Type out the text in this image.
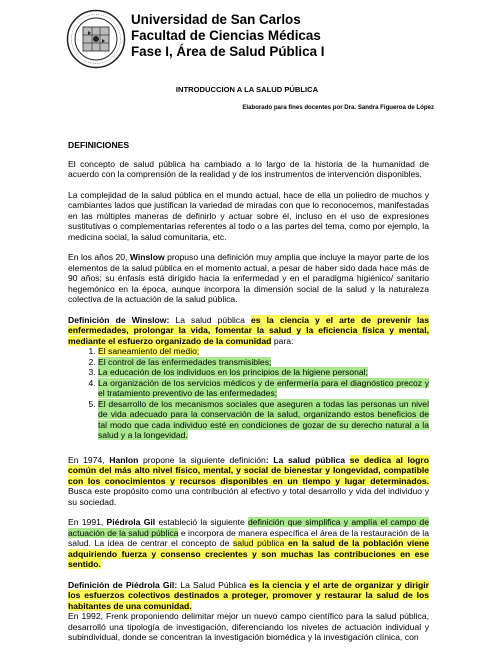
Universidad de San Carlos
Facultad de Ciencias Médicas
Fase I, Área de Salud Pública I
INTRODUCCION A LA SALUD PÚBLICA
Elaborado para fines docentes por Dra. Sandra Figueroa de López
DEFINICIONES

El concepto de salud pública ha cambiado a lo largo de la historia de la humanidad de acuerdo con la comprensión de la realidad y de los instrumentos de intervención disponibles.

La complejidad de la salud pública en el mundo actual, hace de ella un poliedro de muchos y cambiantes lados que justifican la variedad de miradas con que lo reconocemos, manifestadas en las múltiples maneras de definirlo y actuar sobre él, incluso en el uso de expresiones sustitutivas o complementarias referentes al todo o a las partes del tema, como por ejemplo, la medicina social, la salud comunitaria, etc.

En los años 20, Winslow propuso una definición muy amplia que incluye la mayor parte de los elementos de la salud pública en el momento actual, a pesar de haber sido dada hace más de 90 años; su énfasis está dirigido hacia la enfermedad y en el paradigma higiénico/ sanitario hegemónico en la época, aunque incorpora la dimensión social de la salud y la naturaleza colectiva de la actuación de la salud pública.

Definición de Winslow: La salud pública es la ciencia y el arte de prevenir las enfermedades, prolongar la vida, fomentar la salud y la eficiencia física y mental, mediante el esfuerzo organizado de la comunidad para:

1. El saneamiento del medio;
2. El control de las enfermedades transmisibles;
3. La educación de los individuos en los principios de la higiene personal;
4. La organización de los servicios médicos y de enfermería para el diagnóstico precoz y el tratamiento preventivo de las enfermedades;
5. El desarrollo de los mecanismos sociales que aseguren a todas las personas un nivel de vida adecuado para la conservación de la salud, organizando estos beneficios de tal modo que cada individuo esté en condiciones de gozar de su derecho natural a la salud y a la longevidad.

En 1974, Hanlon propone la siguiente definición: La salud pública se dedica al logro común del más alto nivel físico, mental, y social de bienestar y longevidad, compatible con los conocimientos y recursos disponibles en un tiempo y lugar determinados. Busca este propósito como una contribución al efectivo y total desarrollo y vida del individuo y su sociedad.

En 1991, Piédrola Gil estableció la siguiente definición que simplifica y amplía el campo de actuación de la salud pública e incorpora de manera específica el área de la restauración de la salud. La idea de centrar el concepto de salud pública en la salud de la población viene adquiriendo fuerza y consenso crecientes y son muchas las contribuciones en ese sentido.

Definición de Piédrola Gil: La Salud Pública es la ciencia y el arte de organizar y dirigir los esfuerzos colectivos destinados a proteger, promover y restaurar la salud de los habitantes de una comunidad.

En 1992, Frenk proponiendo delimitar mejor un nuevo campo científico para la salud pública, desarrolló una tipología de investigación, diferenciando los niveles de actuación individual y subindividual, donde se concentran la investigación biomédica y la investigación clínica, con
